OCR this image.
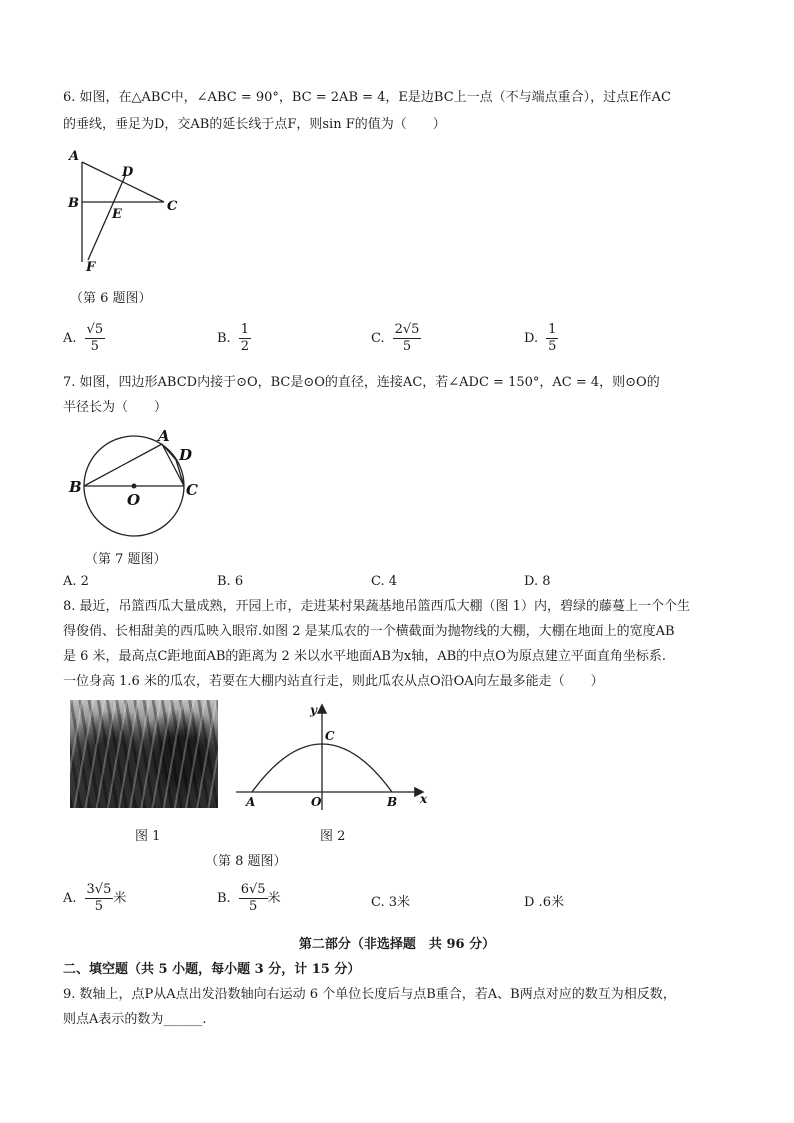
6. 如图，在△ABC中，∠ABC = 90°，BC = 2AB = 4，E是边BC上一点（不与端点重合），过点E作AC
的垂线，垂足为D，交AB的延长线于点F，则sin F的值为（　　）
A
B	C
D
E
F
（第 6 题图）
A. $\frac{√5}{5}$	B. $\frac{1}{2}$	C. $\frac{2√5}{5}$	D. $\frac{1}{5}$
7. 如图，四边形ABCD内接于⊙O，BC是⊙O的直径，连接AC，若∠ADC = 150°，AC = 4，则⊙O的
半径长为（　　）
A
B	C
D
O
（第 7 题图）
A. 2	B. 6	C. 4	D. 8
8. 最近，吊篮西瓜大量成熟，开园上市，走进某村果蔬基地吊篮西瓜大棚（图 1）内，碧绿的藤蔓上一个个生
得俊俏、长相甜美的西瓜映入眼帘.如图 2 是某瓜农的一个横截面为抛物线的大棚，大棚在地面上的宽度AB
是 6 米，最高点C距地面AB的距离为 2 米以水平地面AB为x轴，AB的中点O为原点建立平面直角坐标系.
一位身高 1.6 米的瓜农，若要在大棚内站直行走，则此瓜农从点O沿OA向左最多能走（　　）
图 1
y
x
C
A	O	B
图 2
（第 8 题图）
A. $\frac{3√5}{5}$ 米	B. $\frac{6√5}{5}$ 米	C. 3米	D .6米
第二部分（非选择题　共 96 分）
二、填空题（共 5 小题，每小题 3 分，计 15 分）
9. 数轴上，点P从A点出发沿数轴向右运动 6 个单位长度后与点B重合，若A、B两点对应的数互为相反数，
则点A表示的数为______.
